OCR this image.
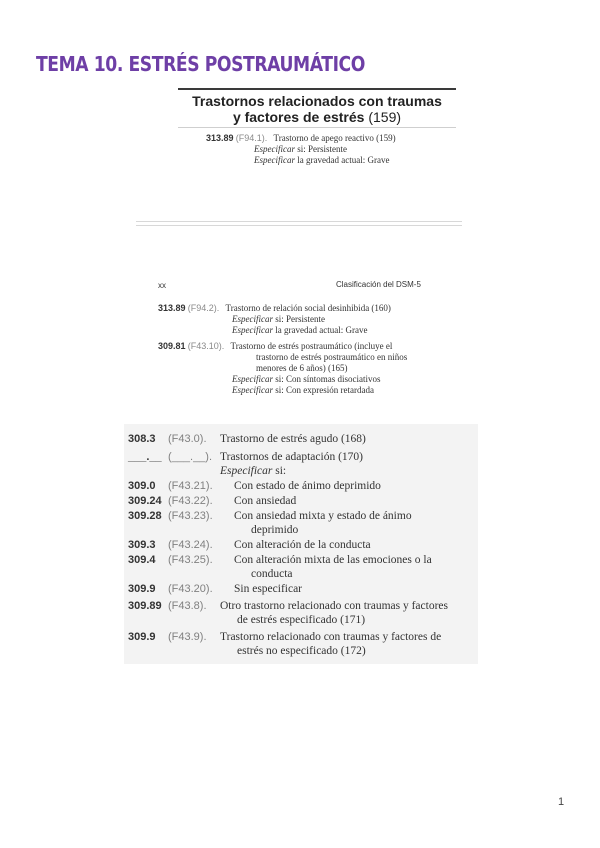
TEMA 10. ESTRÉS POSTRAUMÁTICO
Trastornos relacionados con traumas
y factores de estrés (159)
313.89 (F94.1). Trastorno de apego reactivo (159)
Especificar si: Persistente
Especificar la gravedad actual: Grave
xx	Clasificación del DSM-5
313.89 (F94.2). Trastorno de relación social desinhibida (160)
Especificar si: Persistente
Especificar la gravedad actual: Grave
309.81 (F43.10). Trastorno de estrés postraumático (incluye el
trastorno de estrés postraumático en niños
menores de 6 años) (165)
Especificar si: Con síntomas disociativos
Especificar si: Con expresión retardada
308.3 (F43.0). Trastorno de estrés agudo (168)
___.__ (___.__). Trastornos de adaptación (170)
Especificar si:
309.0 (F43.21). Con estado de ánimo deprimido
309.24 (F43.22). Con ansiedad
309.28 (F43.23). Con ansiedad mixta y estado de ánimo
deprimido
309.3 (F43.24). Con alteración de la conducta
309.4 (F43.25). Con alteración mixta de las emociones o la
conducta
309.9 (F43.20). Sin especificar
309.89 (F43.8). Otro trastorno relacionado con traumas y factores
de estrés especificado (171)
309.9 (F43.9). Trastorno relacionado con traumas y factores de
estrés no especificado (172)
1
